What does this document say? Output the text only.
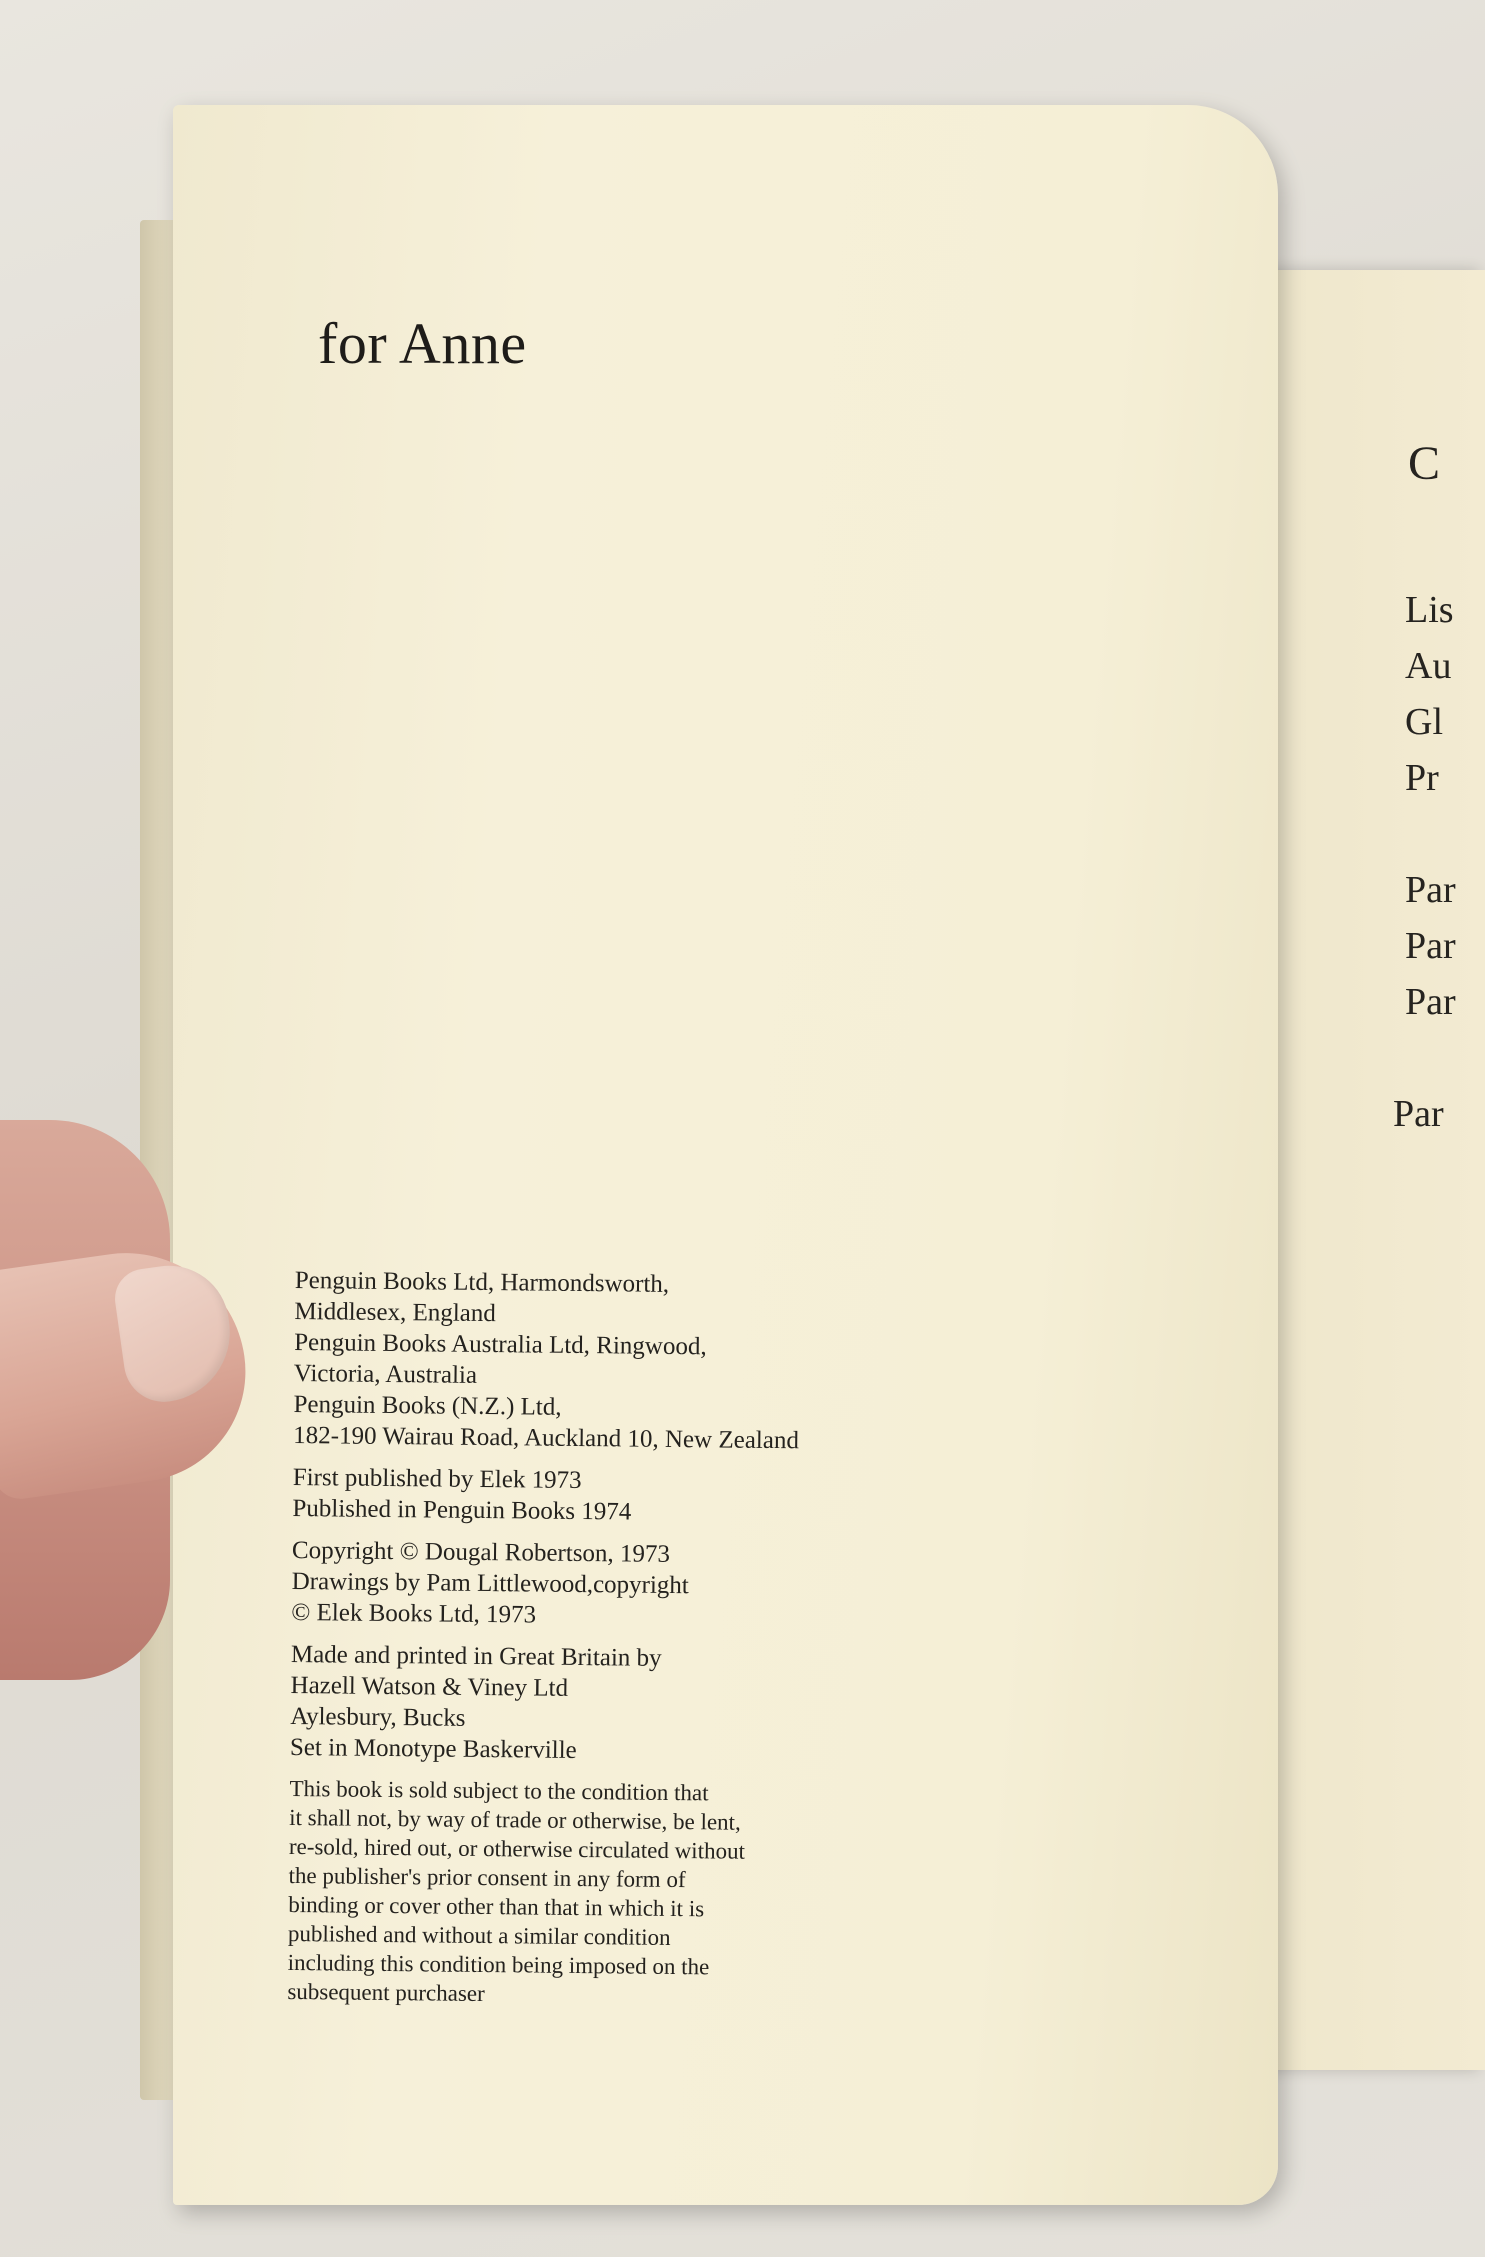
C
Lis
Au
Gl
Pr
Par
Par
Par
Par
for Anne
Penguin Books Ltd, Harmondsworth,
Middlesex, England
Penguin Books Australia Ltd, Ringwood,
Victoria, Australia
Penguin Books (N.Z.) Ltd,
182-190 Wairau Road, Auckland 10, New Zealand
First published by Elek 1973
Published in Penguin Books 1974
Copyright © Dougal Robertson, 1973
Drawings by Pam Littlewood,copyright
© Elek Books Ltd, 1973
Made and printed in Great Britain by
Hazell Watson & Viney Ltd
Aylesbury, Bucks
Set in Monotype Baskerville
This book is sold subject to the condition that
it shall not, by way of trade or otherwise, be lent,
re-sold, hired out, or otherwise circulated without
the publisher's prior consent in any form of
binding or cover other than that in which it is
published and without a similar condition
including this condition being imposed on the
subsequent purchaser
